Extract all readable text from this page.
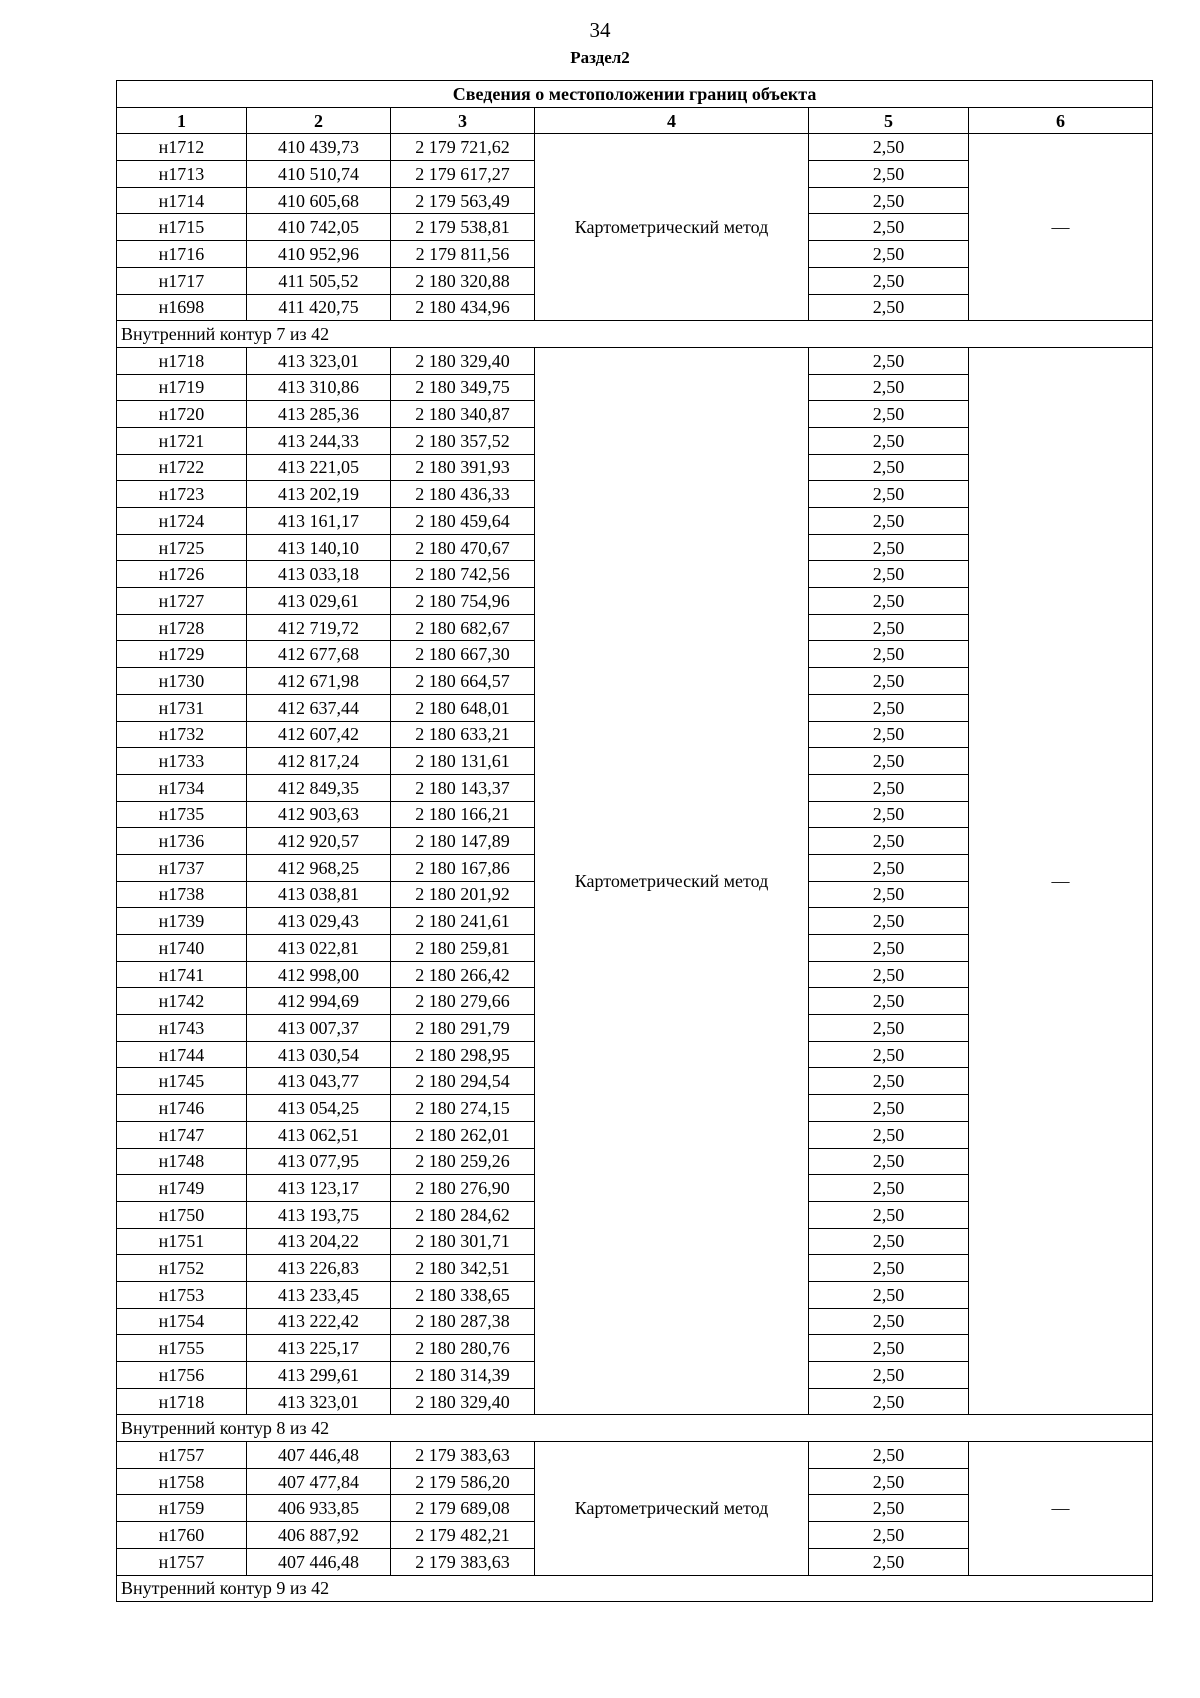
34
Раздел2
Сведения о местоположении границ объекта					
1	2	3	4	5	6
н1712	410 439,73	2 179 721,62	Картометрический метод	2,50	—
н1713	410 510,74	2 179 617,27		2,50	
н1714	410 605,68	2 179 563,49		2,50	
н1715	410 742,05	2 179 538,81		2,50	
н1716	410 952,96	2 179 811,56		2,50	
н1717	411 505,52	2 180 320,88		2,50	
н1698	411 420,75	2 180 434,96		2,50	
Внутренний контур 7 из 42					
н1718	413 323,01	2 180 329,40	Картометрический метод	2,50	—
н1719	413 310,86	2 180 349,75		2,50	
н1720	413 285,36	2 180 340,87		2,50	
н1721	413 244,33	2 180 357,52		2,50	
н1722	413 221,05	2 180 391,93		2,50	
н1723	413 202,19	2 180 436,33		2,50	
н1724	413 161,17	2 180 459,64		2,50	
н1725	413 140,10	2 180 470,67		2,50	
н1726	413 033,18	2 180 742,56		2,50	
н1727	413 029,61	2 180 754,96		2,50	
н1728	412 719,72	2 180 682,67		2,50	
н1729	412 677,68	2 180 667,30		2,50	
н1730	412 671,98	2 180 664,57		2,50	
н1731	412 637,44	2 180 648,01		2,50	
н1732	412 607,42	2 180 633,21		2,50	
н1733	412 817,24	2 180 131,61		2,50	
н1734	412 849,35	2 180 143,37		2,50	
н1735	412 903,63	2 180 166,21		2,50	
н1736	412 920,57	2 180 147,89		2,50	
н1737	412 968,25	2 180 167,86		2,50	
н1738	413 038,81	2 180 201,92		2,50	
н1739	413 029,43	2 180 241,61		2,50	
н1740	413 022,81	2 180 259,81		2,50	
н1741	412 998,00	2 180 266,42		2,50	
н1742	412 994,69	2 180 279,66		2,50	
н1743	413 007,37	2 180 291,79		2,50	
н1744	413 030,54	2 180 298,95		2,50	
н1745	413 043,77	2 180 294,54		2,50	
н1746	413 054,25	2 180 274,15		2,50	
н1747	413 062,51	2 180 262,01		2,50	
н1748	413 077,95	2 180 259,26		2,50	
н1749	413 123,17	2 180 276,90		2,50	
н1750	413 193,75	2 180 284,62		2,50	
н1751	413 204,22	2 180 301,71		2,50	
н1752	413 226,83	2 180 342,51		2,50	
н1753	413 233,45	2 180 338,65		2,50	
н1754	413 222,42	2 180 287,38		2,50	
н1755	413 225,17	2 180 280,76		2,50	
н1756	413 299,61	2 180 314,39		2,50	
н1718	413 323,01	2 180 329,40		2,50	
Внутренний контур 8 из 42					
н1757	407 446,48	2 179 383,63	Картометрический метод	2,50	—
н1758	407 477,84	2 179 586,20		2,50	
н1759	406 933,85	2 179 689,08		2,50	
н1760	406 887,92	2 179 482,21		2,50	
н1757	407 446,48	2 179 383,63		2,50	
Внутренний контур 9 из 42					
